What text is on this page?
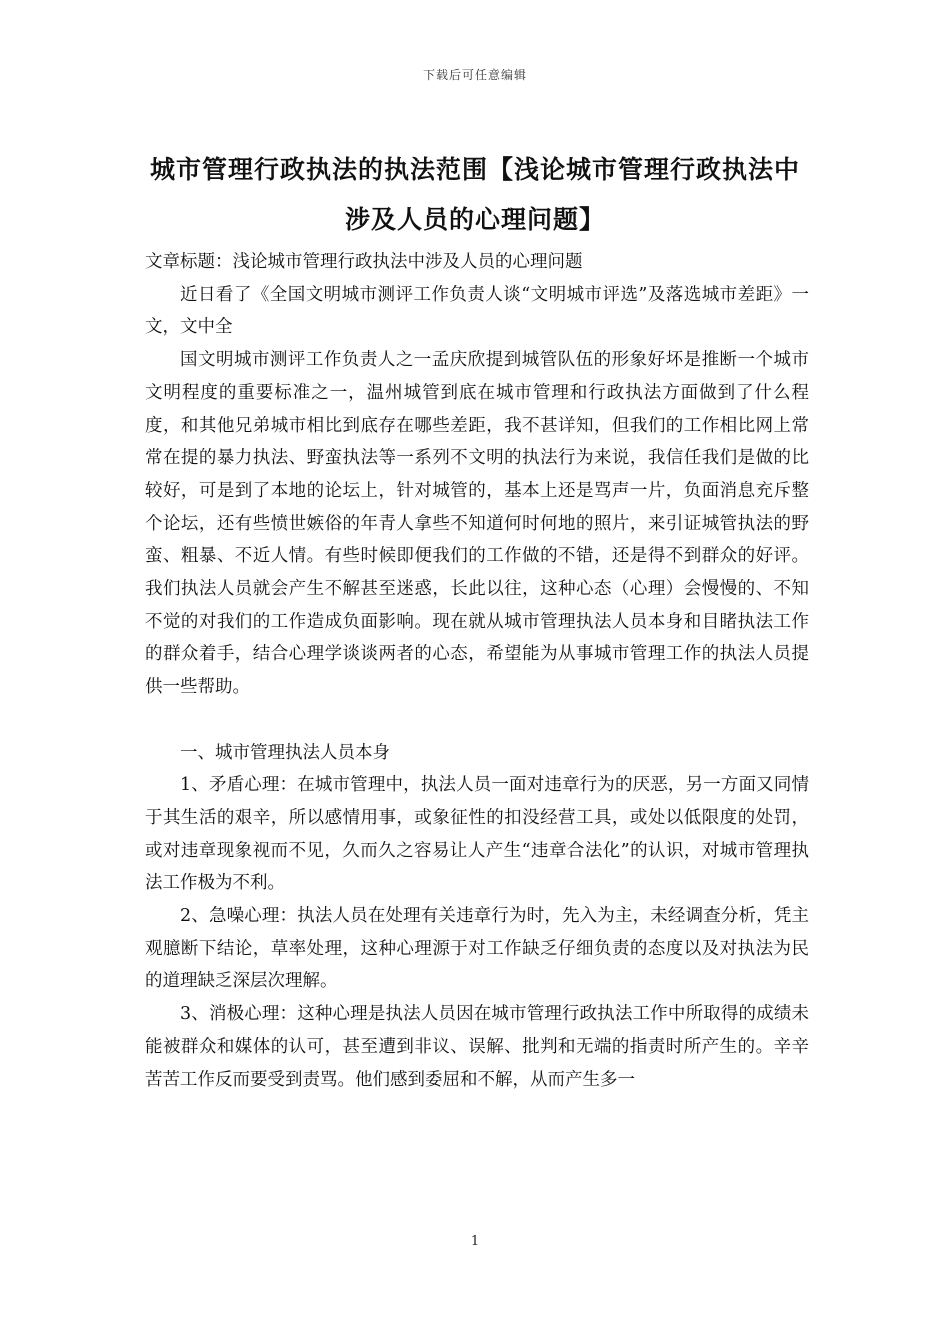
下载后可任意编辑
城市管理行政执法的执法范围【浅论城市管理行政执法中涉及人员的心理问题】

文章标题：浅论城市管理行政执法中涉及人员的心理问题

近日看了《全国文明城市测评工作负责人谈“文明城市评选”及落选城市差距》一文，文中全

国文明城市测评工作负责人之一孟庆欣提到城管队伍的形象好坏是推断一个城市文明程度的重要标准之一，温州城管到底在城市管理和行政执法方面做到了什么程度，和其他兄弟城市相比到底存在哪些差距，我不甚详知，但我们的工作相比网上常常在提的暴力执法、野蛮执法等一系列不文明的执法行为来说，我信任我们是做的比较好，可是到了本地的论坛上，针对城管的，基本上还是骂声一片，负面消息充斥整个论坛，还有些愤世嫉俗的年青人拿些不知道何时何地的照片，来引证城管执法的野蛮、粗暴、不近人情。有些时候即便我们的工作做的不错，还是得不到群众的好评。我们执法人员就会产生不解甚至迷惑，长此以往，这种心态（心理）会慢慢的、不知不觉的对我们的工作造成负面影响。现在就从城市管理执法人员本身和目睹执法工作的群众着手，结合心理学谈谈两者的心态，希望能为从事城市管理工作的执法人员提供一些帮助。

一、城市管理执法人员本身

1、矛盾心理：在城市管理中，执法人员一面对违章行为的厌恶，另一方面又同情于其生活的艰辛，所以感情用事，或象征性的扣没经营工具，或处以低限度的处罚，或对违章现象视而不见，久而久之容易让人产生“违章合法化”的认识，对城市管理执法工作极为不利。

2、急噪心理：执法人员在处理有关违章行为时，先入为主，未经调查分析，凭主观臆断下结论，草率处理，这种心理源于对工作缺乏仔细负责的态度以及对执法为民的道理缺乏深层次理解。

3、消极心理：这种心理是执法人员因在城市管理行政执法工作中所取得的成绩未能被群众和媒体的认可，甚至遭到非议、误解、批判和无端的指责时所产生的。辛辛苦苦工作反而要受到责骂。他们感到委屈和不解，从而产生多一

1
